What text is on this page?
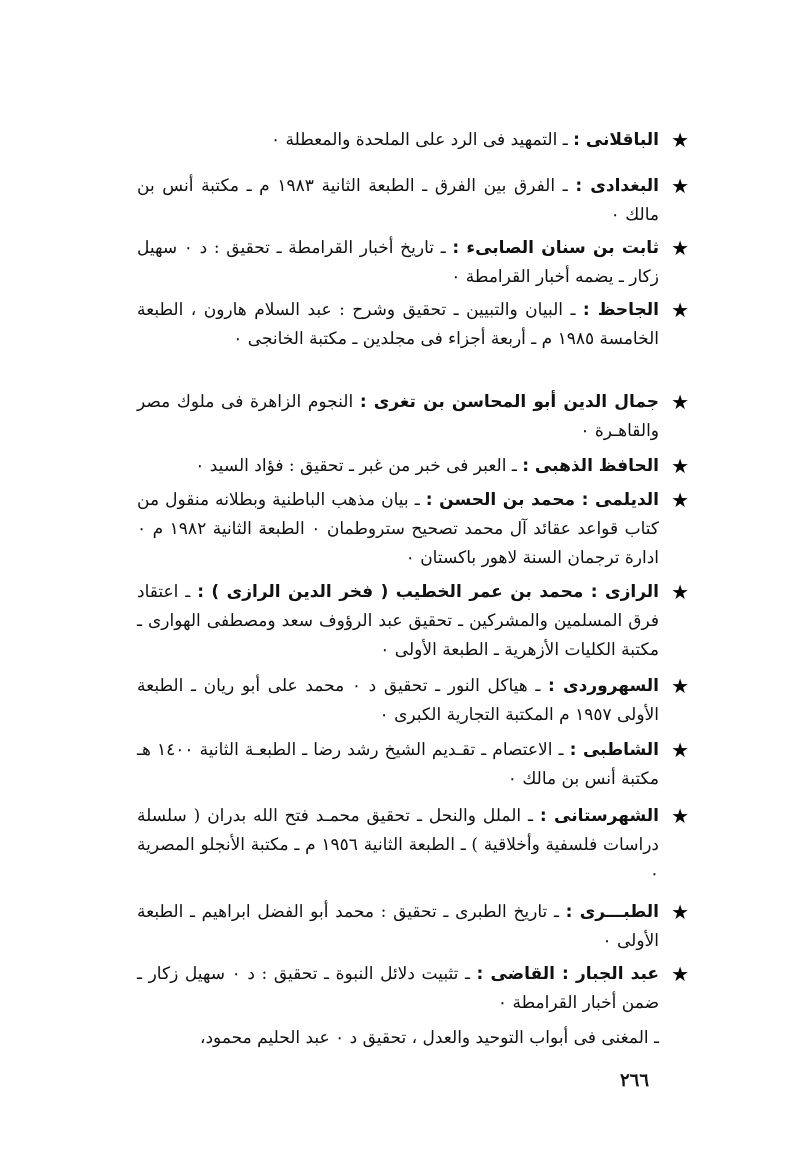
★
الباقلانى : ـ التمهيد فى الرد على الملحدة والمعطلة ٠
★
البغدادى : ـ الفرق بين الفرق ـ الطبعة الثانية ١٩٨٣ م ـ مكتبة أنس بن مالك ٠
★
ثابت بن سنان الصابىء : ـ تاريخ أخبار القرامطة ـ تحقيق : د ٠ سهيل زكار ـ يضمه أخبار القرامطة ٠
★
الجاحظ : ـ البيان والتبيين ـ تحقيق وشرح : عبد السلام هارون ، الطبعة الخامسة ١٩٨٥ م ـ أربعة أجزاء فى مجلدين ـ مكتبة الخانجى ٠
★
جمال الدين أبو المحاسن بن تغرى : النجوم الزاهرة فى ملوك مصر والقاهـرة ٠
★
الحافظ الذهبى : ـ العبر فى خبر من غبر ـ تحقيق : فؤاد السيد ٠
★
الديلمى : محمد بن الحسن : ـ بيان مذهب الباطنية وبطلانه منقول من كتاب قواعد عقائد آل محمد تصحيح ستروطمان ٠ الطبعة الثانية ١٩٨٢ م ٠ ادارة ترجمان السنة لاهور باكستان ٠
★
الرازى : محمد بن عمر الخطيب ( فخر الدين الرازى ) : ـ اعتقاد فرق المسلمين والمشركين ـ تحقيق عبد الرؤوف سعد ومصطفى الهوارى ـ مكتبة الكليات الأزهرية ـ الطبعة الأولى ٠
★
السهروردى : ـ هياكل النور ـ تحقيق د ٠ محمد على أبو ريان ـ الطبعة الأولى ١٩٥٧ م المكتبة التجارية الكبرى ٠
★
الشاطبى : ـ الاعتصام ـ تقـديم الشيخ رشد رضا ـ الطبعـة الثانية ١٤٠٠ هـ مكتبة أنس بن مالك ٠
★
الشهرستانى : ـ الملل والنحل ـ تحقيق محمـد فتح الله بدران ( سلسلة دراسات فلسفية وأخلاقية ) ـ الطبعة الثانية ١٩٥٦ م ـ مكتبة الأنجلو المصرية ٠
★
الطبـــرى : ـ تاريخ الطبرى ـ تحقيق : محمد أبو الفضل ابراهيم ـ الطبعة الأولى ٠
★
عبد الجبار : القاضى : ـ تثبيت دلائل النبوة ـ تحقيق : د ٠ سهيل زكار ـ ضمن أخبار القرامطة ٠
ـ المغنى فى أبواب التوحيد والعدل ، تحقيق د ٠ عبد الحليم محمود،
٢٦٦
